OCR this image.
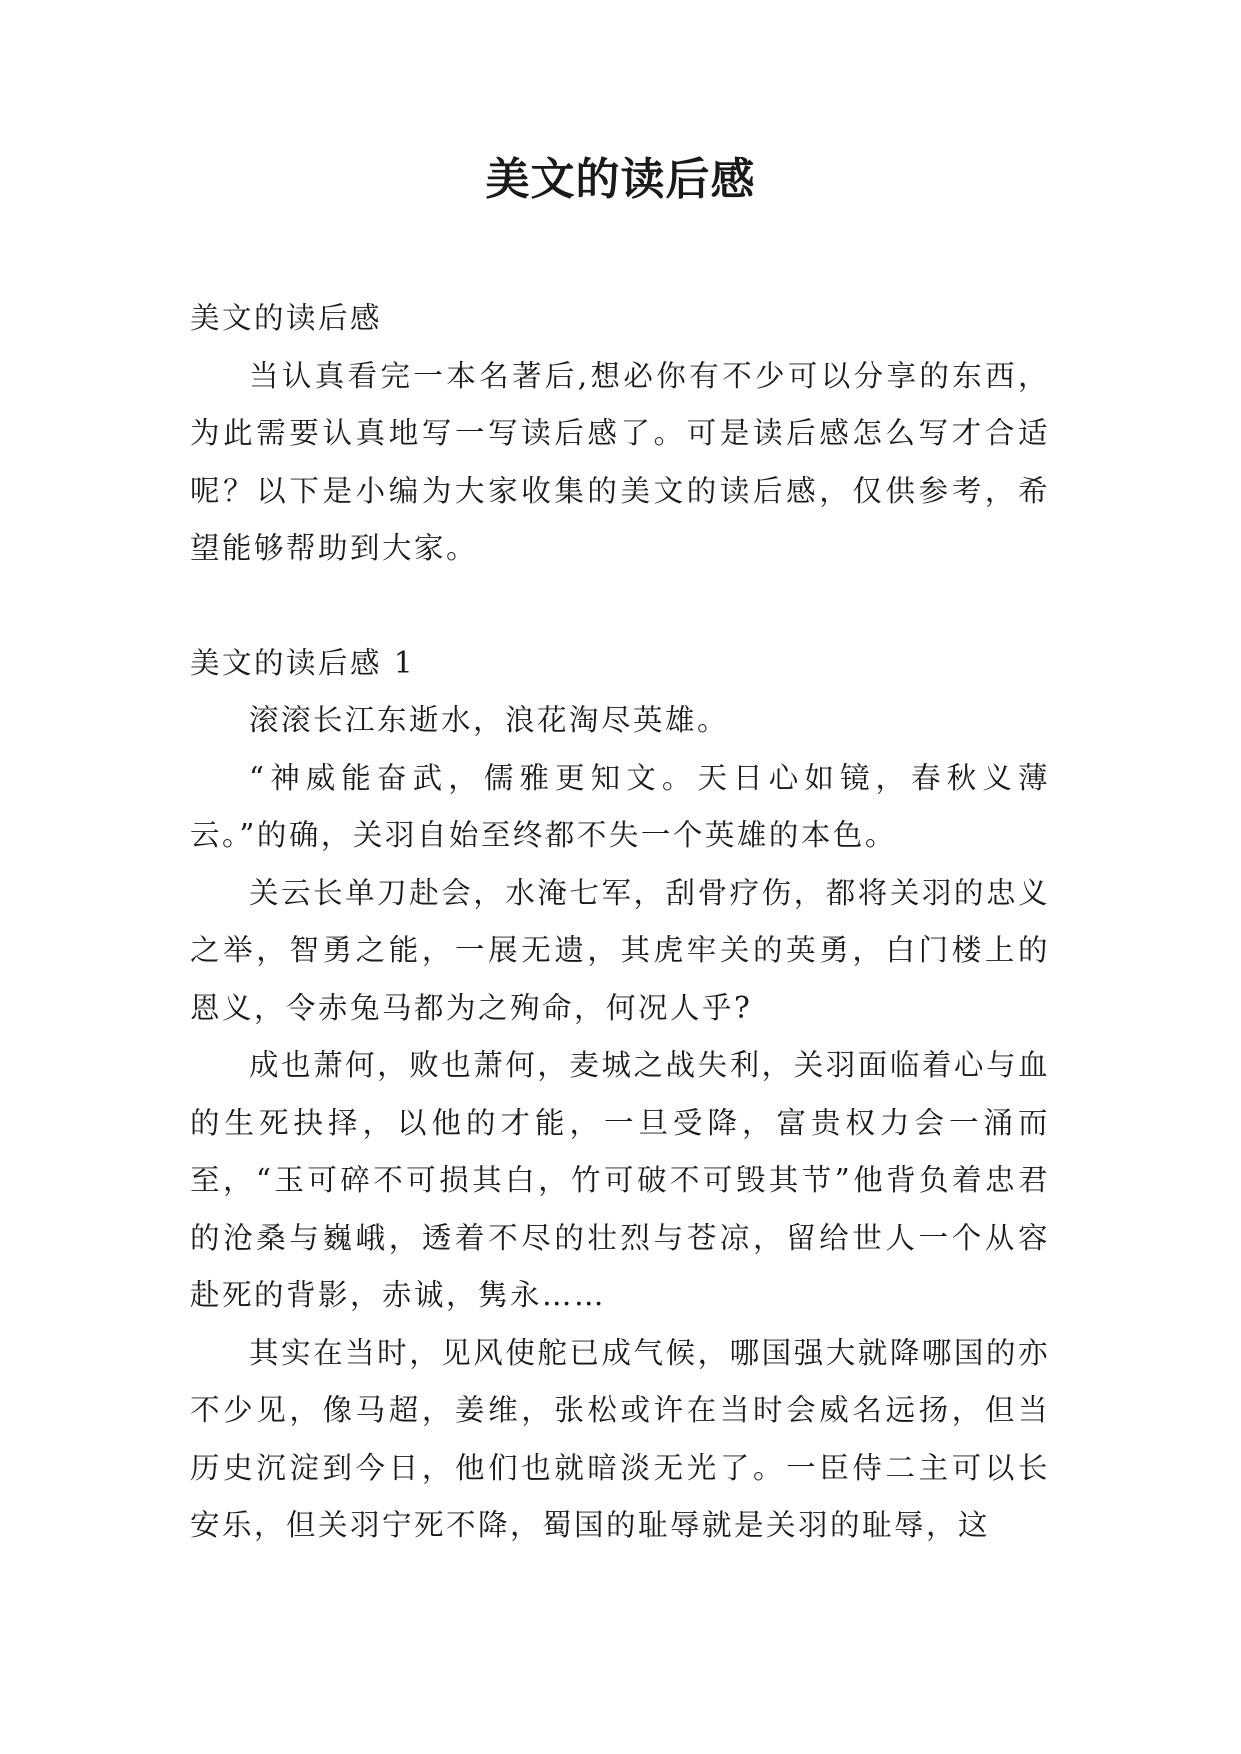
美文的读后感

美文的读后感

当认真看完一本名著后,想必你有不少可以分享的东西，为此需要认真地写一写读后感了。可是读后感怎么写才合适呢？以下是小编为大家收集的美文的读后感，仅供参考，希望能够帮助到大家。

美文的读后感 1

滚滚长江东逝水，浪花淘尽英雄。

“神威能奋武，儒雅更知文。天日心如镜，春秋义薄云。”的确，关羽自始至终都不失一个英雄的本色。

关云长单刀赴会，水淹七军，刮骨疗伤，都将关羽的忠义之举，智勇之能，一展无遗，其虎牢关的英勇，白门楼上的恩义，令赤兔马都为之殉命，何况人乎?

成也萧何，败也萧何，麦城之战失利，关羽面临着心与血的生死抉择，以他的才能，一旦受降，富贵权力会一涌而至，“玉可碎不可损其白，竹可破不可毁其节”他背负着忠君的沧桑与巍峨，透着不尽的壮烈与苍凉，留给世人一个从容赴死的背影，赤诚，隽永……

其实在当时，见风使舵已成气候，哪国强大就降哪国的亦不少见，像马超，姜维，张松或许在当时会威名远扬，但当历史沉淀到今日，他们也就暗淡无光了。一臣侍二主可以长安乐，但关羽宁死不降，蜀国的耻辱就是关羽的耻辱，这
